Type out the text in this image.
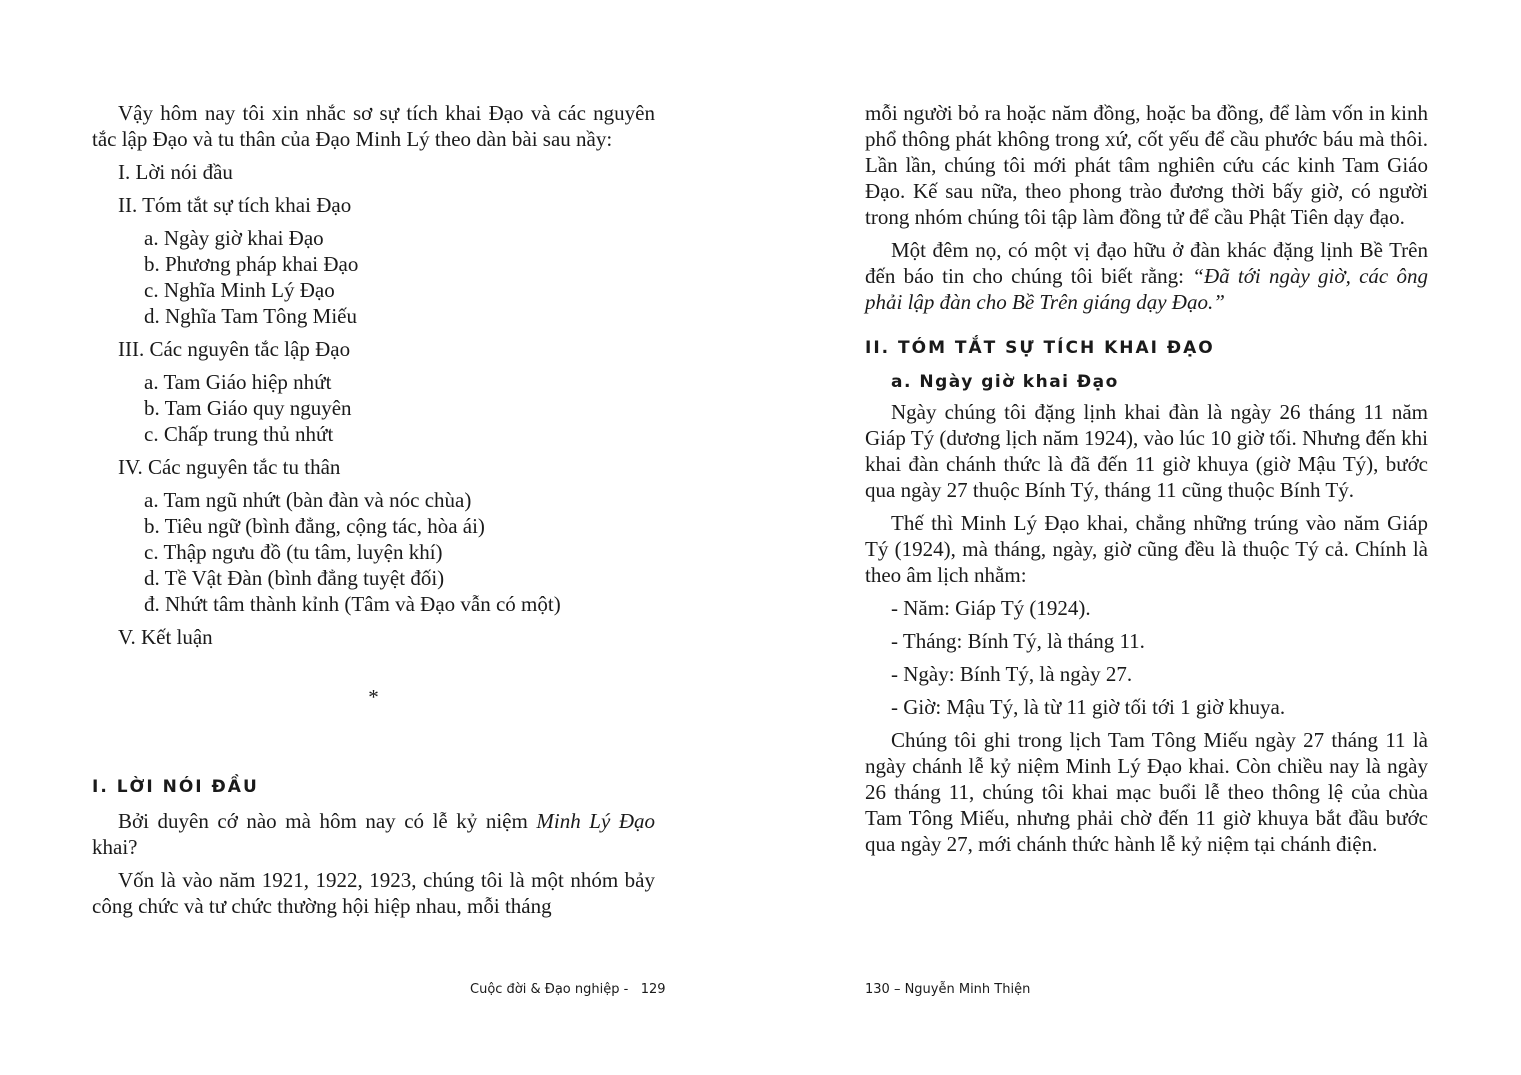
Vậy hôm nay tôi xin nhắc sơ sự tích khai Đạo và các nguyên tắc lập Đạo và tu thân của Đạo Minh Lý theo dàn bài sau nầy:

I. Lời nói đầu
II. Tóm tắt sự tích khai Đạo
a. Ngày giờ khai Đạo
b. Phương pháp khai Đạo
c. Nghĩa Minh Lý Đạo
d. Nghĩa Tam Tông Miếu
III. Các nguyên tắc lập Đạo
a. Tam Giáo hiệp nhứt
b. Tam Giáo quy nguyên
c. Chấp trung thủ nhứt
IV. Các nguyên tắc tu thân
a. Tam ngũ nhứt (bàn đàn và nóc chùa)
b. Tiêu ngữ (bình đẳng, cộng tác, hòa ái)
c. Thập ngưu đồ (tu tâm, luyện khí)
d. Tề Vật Đàn (bình đẳng tuyệt đối)
đ. Nhứt tâm thành kỉnh (Tâm và Đạo vẫn có một)
V. Kết luận
*
I. LỜI NÓI ĐẦU

Bởi duyên cớ nào mà hôm nay có lễ kỷ niệm Minh Lý Đạo khai?

Vốn là vào năm 1921, 1922, 1923, chúng tôi là một nhóm bảy công chức và tư chức thường hội hiệp nhau, mỗi tháng

Cuộc đời & Đạo nghiệp -   129

mỗi người bỏ ra hoặc năm đồng, hoặc ba đồng, để làm vốn in kinh phổ thông phát không trong xứ, cốt yếu để cầu phước báu mà thôi. Lần lần, chúng tôi mới phát tâm nghiên cứu các kinh Tam Giáo Đạo. Kế sau nữa, theo phong trào đương thời bấy giờ, có người trong nhóm chúng tôi tập làm đồng tử để cầu Phật Tiên dạy đạo.

Một đêm nọ, có một vị đạo hữu ở đàn khác đặng lịnh Bề Trên đến báo tin cho chúng tôi biết rằng: “Đã tới ngày giờ, các ông phải lập đàn cho Bề Trên giáng dạy Đạo.”

II. TÓM TẮT SỰ TÍCH KHAI ĐẠO
a. Ngày giờ khai Đạo

Ngày chúng tôi đặng lịnh khai đàn là ngày 26 tháng 11 năm Giáp Tý (dương lịch năm 1924), vào lúc 10 giờ tối. Nhưng đến khi khai đàn chánh thức là đã đến 11 giờ khuya (giờ Mậu Tý), bước qua ngày 27 thuộc Bính Tý, tháng 11 cũng thuộc Bính Tý.

Thế thì Minh Lý Đạo khai, chẳng những trúng vào năm Giáp Tý (1924), mà tháng, ngày, giờ cũng đều là thuộc Tý cả. Chính là theo âm lịch nhằm:

- Năm: Giáp Tý (1924).
- Tháng: Bính Tý, là tháng 11.
- Ngày: Bính Tý, là ngày 27.
- Giờ: Mậu Tý, là từ 11 giờ tối tới 1 giờ khuya.

Chúng tôi ghi trong lịch Tam Tông Miếu ngày 27 tháng 11 là ngày chánh lễ kỷ niệm Minh Lý Đạo khai. Còn chiều nay là ngày 26 tháng 11, chúng tôi khai mạc buổi lễ theo thông lệ của chùa Tam Tông Miếu, nhưng phải chờ đến 11 giờ khuya bắt đầu bước qua ngày 27, mới chánh thức hành lễ kỷ niệm tại chánh điện.

130 – Nguyễn Minh Thiện
